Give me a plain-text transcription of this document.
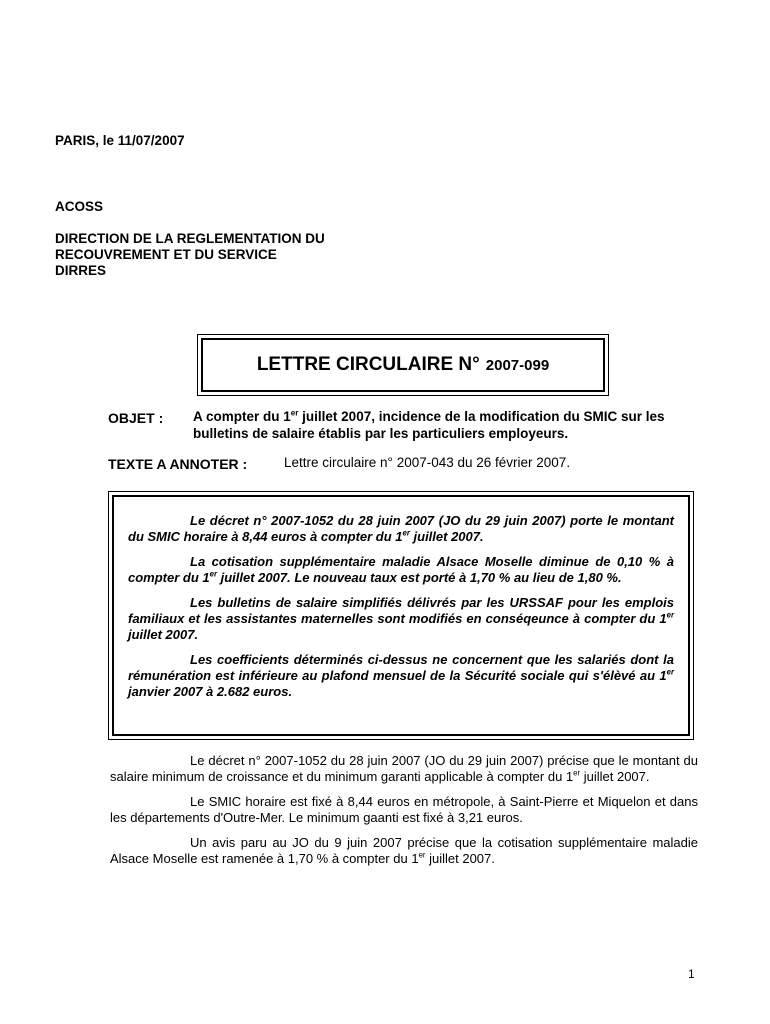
PARIS, le 11/07/2007
ACOSS
DIRECTION DE LA REGLEMENTATION DU
RECOUVREMENT ET DU SERVICE
DIRRES
LETTRE CIRCULAIRE N° 2007-099
OBJET : A compter du 1er juillet 2007, incidence de la modification du SMIC sur les bulletins de salaire établis par les particuliers employeurs.
TEXTE A ANNOTER :	Lettre circulaire n° 2007-043 du 26 février 2007.

Le décret n° 2007-1052 du 28 juin 2007 (JO du 29 juin 2007) porte le montant du SMIC horaire à 8,44 euros à compter du 1er juillet 2007.

La cotisation supplémentaire maladie Alsace Moselle diminue de 0,10 % à compter du 1er juillet 2007. Le nouveau taux est porté à 1,70 % au lieu de 1,80 %.

Les bulletins de salaire simplifiés délivrés par les URSSAF pour les emplois familiaux et les assistantes maternelles sont modifiés en conséqeunce à compter du 1er juillet 2007.

Les coefficients déterminés ci-dessus ne concernent que les salariés dont la rémunération est inférieure au plafond mensuel de la Sécurité sociale qui s'élèvé au 1er janvier 2007 à 2.682 euros.

Le décret n° 2007-1052 du 28 juin 2007 (JO du 29 juin 2007) précise que le montant du salaire minimum de croissance et du minimum garanti applicable à compter du 1er juillet 2007.

Le SMIC horaire est fixé à 8,44 euros en métropole, à Saint-Pierre et Miquelon et dans les départements d'Outre-Mer. Le minimum gaanti est fixé à 3,21 euros.

Un avis paru au JO du 9 juin 2007 précise que la cotisation supplémentaire maladie Alsace Moselle est ramenée à 1,70 % à compter du 1er juillet 2007.

1
